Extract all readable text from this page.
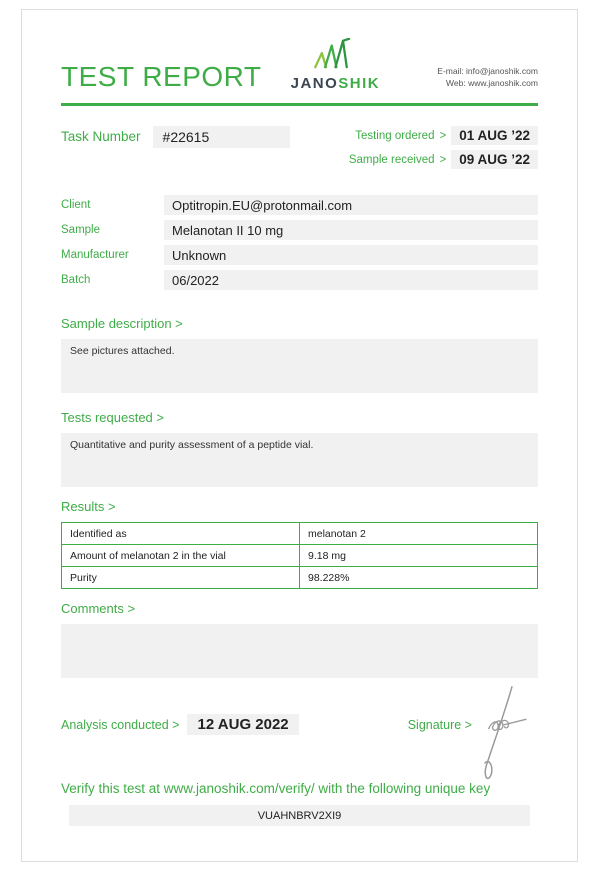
TEST REPORT JANOSHIK
E-mail: info@janoshik.com
Web: www.janoshik.com
Task Number	#22615	Testing ordered > 01 AUG ’22
Sample received > 09 AUG ’22
Client	Optitropin.EU@protonmail.com
Sample	Melanotan II 10 mg
Manufacturer	Unknown
Batch	06/2022
Sample description >
See pictures attached.
Tests requested >
Quantitative and purity assessment of a peptide vial.
Results >
Identified as	melanotan 2
Amount of melanotan 2 in the vial	9.18 mg
Purity	98.228%
Comments >
Analysis conducted >	12 AUG 2022	Signature >
Verify this test at www.janoshik.com/verify/ with the following unique key
VUAHNBRV2XI9
